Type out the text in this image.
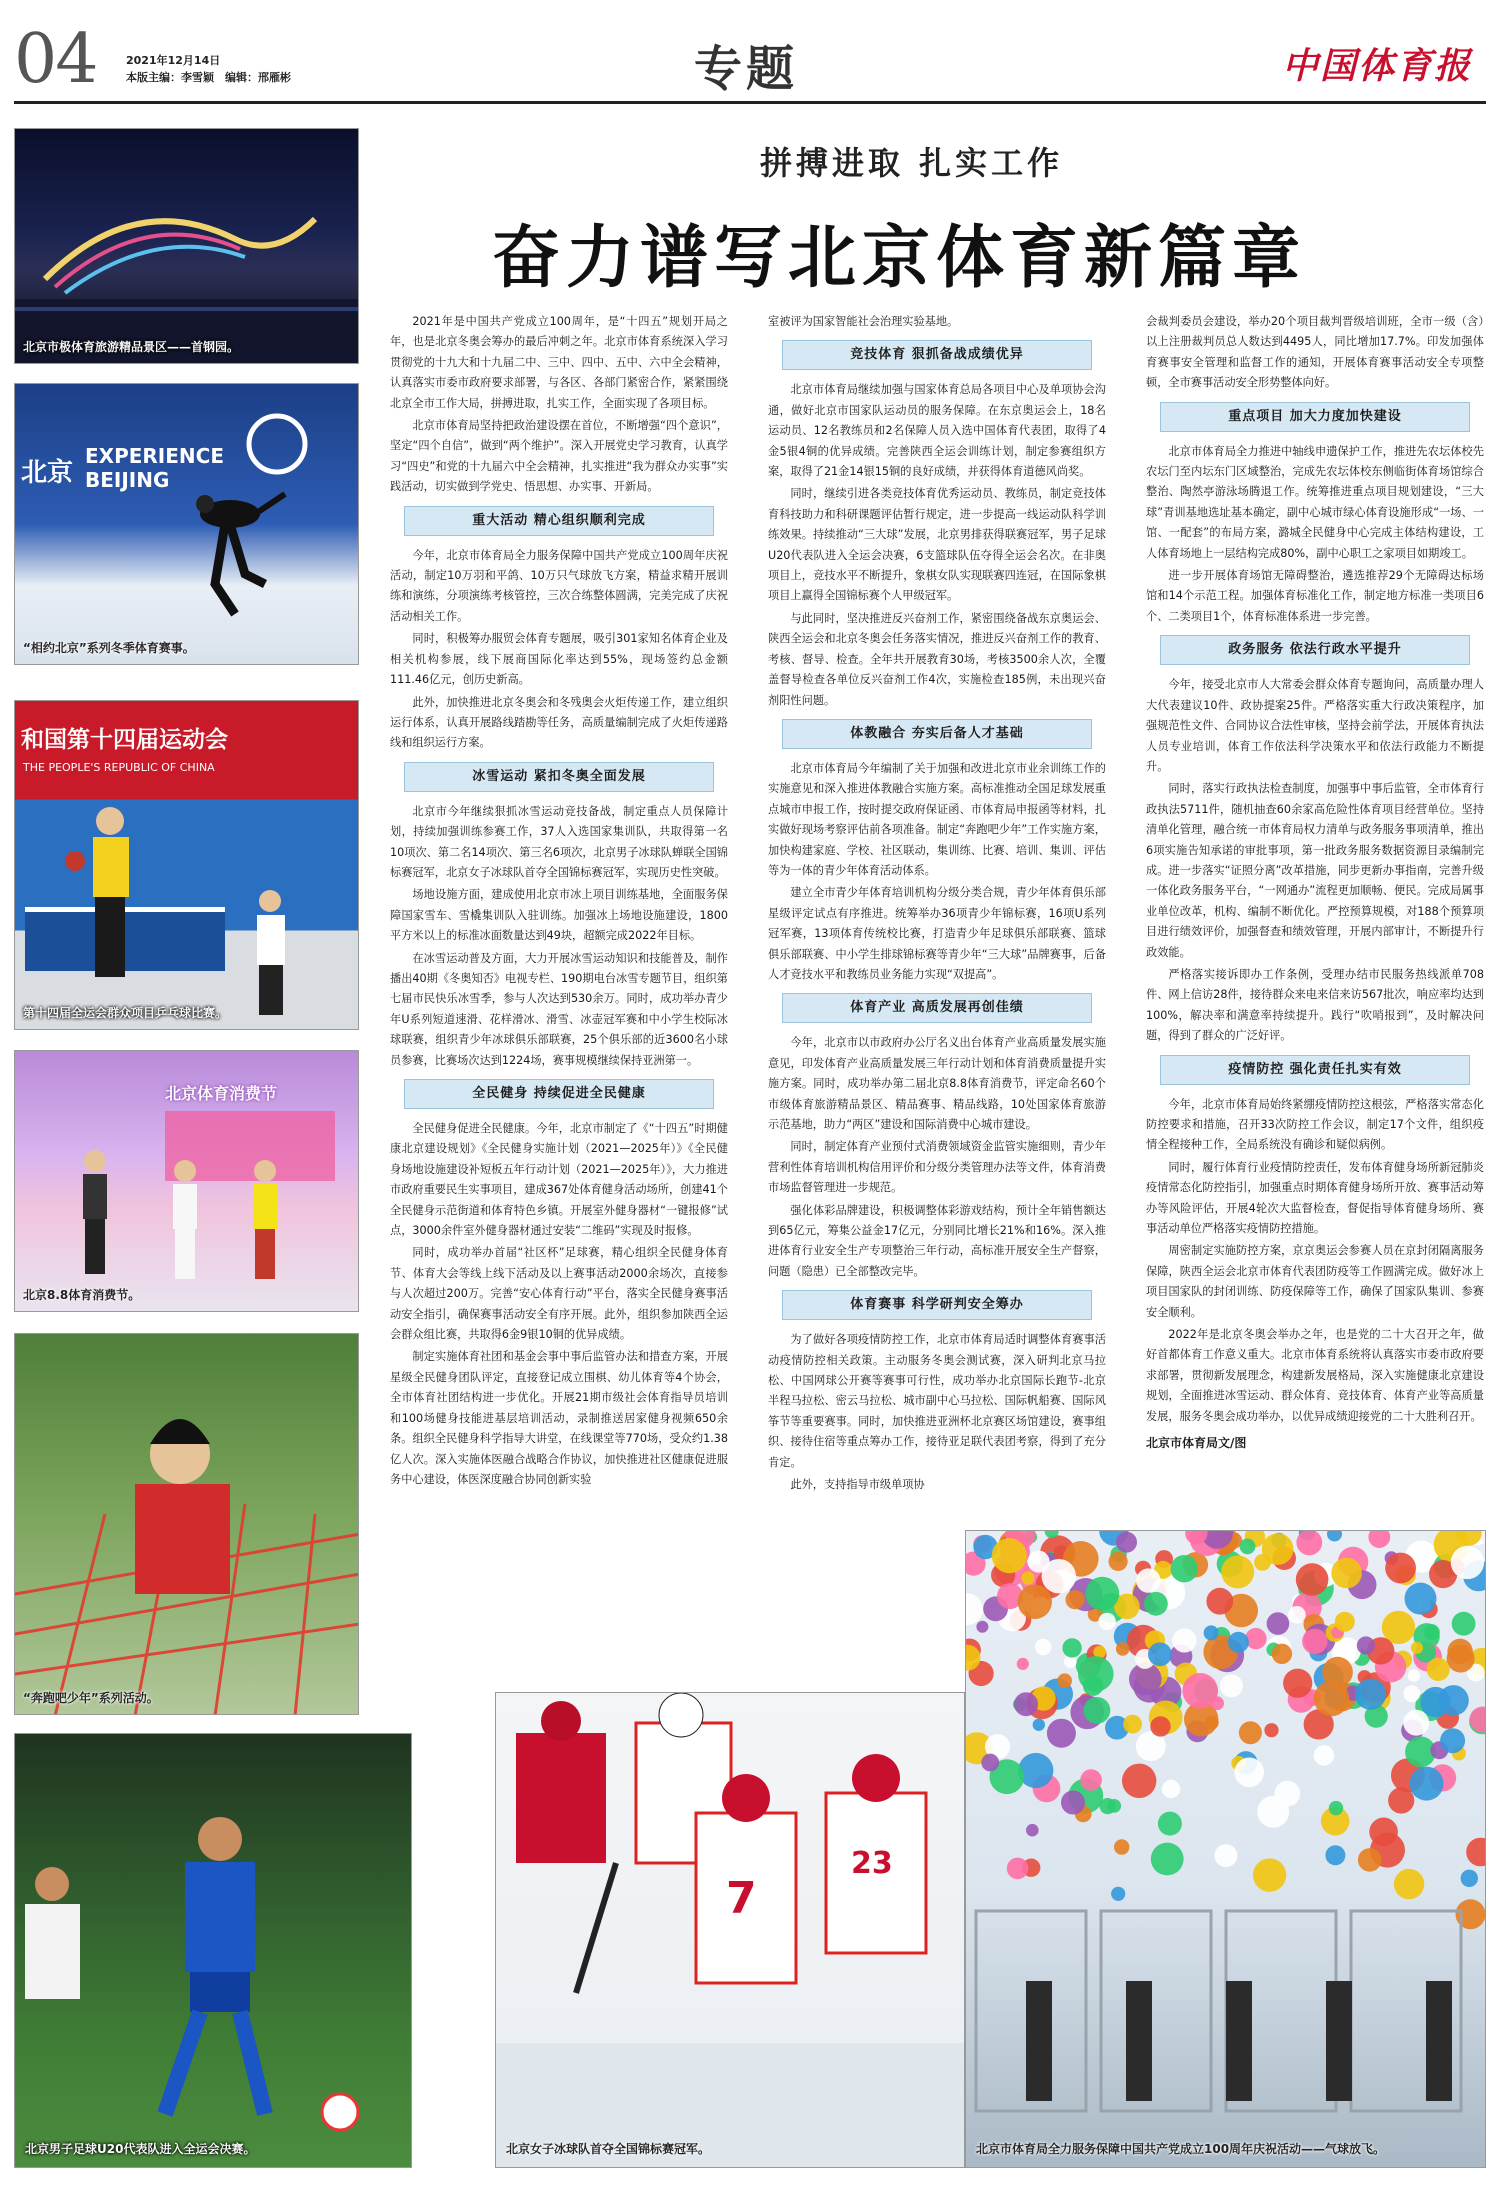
04	2021年12月14日
本版主编：李雪颖　编辑：邢雁彬	专题	中国体育报
拼搏进取 扎实工作
奋力谱写北京体育新篇章
北京市极体育旅游精品景区——首钢园。
北京
EXPERIENCE BEIJING
“相约北京”系列冬季体育赛事。
和国第十四届运动会
THE PEOPLE'S REPUBLIC OF CHINA
第十四届全运会群众项目乒乓球比赛。
北京体育消费节
北京8.8体育消费节。
“奔跑吧少年”系列活动。

2021年是中国共产党成立100周年，是“十四五”规划开局之年，也是北京冬奥会筹办的最后冲刺之年。北京市体育系统深入学习贯彻党的十九大和十九届二中、三中、四中、五中、六中全会精神，认真落实市委市政府要求部署，与各区、各部门紧密合作，紧紧围绕北京全市工作大局，拼搏进取，扎实工作，全面实现了各项目标。

北京市体育局坚持把政治建设摆在首位，不断增强“四个意识”，坚定“四个自信”，做到“两个维护”。深入开展党史学习教育，认真学习“四史”和党的十九届六中全会精神，扎实推进“我为群众办实事”实践活动，切实做到学党史、悟思想、办实事、开新局。

重大活动 精心组织顺利完成

今年，北京市体育局全力服务保障中国共产党成立100周年庆祝活动，制定10万羽和平鸽、10万只气球放飞方案，精益求精开展训练和演练，分项演练考核管控，三次合练整体圆满，完美完成了庆祝活动相关工作。

同时，积极筹办服贸会体育专题展，吸引301家知名体育企业及相关机构参展，线下展商国际化率达到55%，现场签约总金额111.46亿元，创历史新高。

此外，加快推进北京冬奥会和冬残奥会火炬传递工作，建立组织运行体系，认真开展路线踏勘等任务，高质量编制完成了火炬传递路线和组织运行方案。

冰雪运动 紧扣冬奥全面发展

北京市今年继续狠抓冰雪运动竞技备战，制定重点人员保障计划，持续加强训练参赛工作，37人入选国家集训队，共取得第一名10项次、第二名14项次、第三名6项次，北京男子冰球队蝉联全国锦标赛冠军，北京女子冰球队首夺全国锦标赛冠军，实现历史性突破。

场地设施方面，建成使用北京市冰上项目训练基地，全面服务保障国家雪车、雪橇集训队入驻训练。加强冰上场地设施建设，1800平方米以上的标准冰面数量达到49块，超额完成2022年目标。

在冰雪运动普及方面，大力开展冰雪运动知识和技能普及，制作播出40期《冬奥知否》电视专栏、190期电台冰雪专题节目，组织第七届市民快乐冰雪季，参与人次达到530余万。同时，成功举办青少年U系列短道速滑、花样滑冰、滑雪、冰壶冠军赛和中小学生校际冰球联赛，组织青少年冰球俱乐部联赛，25个俱乐部的近3600名小球员参赛，比赛场次达到1224场，赛事规模继续保持亚洲第一。

全民健身 持续促进全民健康

全民健身促进全民健康。今年，北京市制定了《“十四五”时期健康北京建设规划》《全民健身实施计划（2021—2025年）》《全民健身场地设施建设补短板五年行动计划（2021—2025年）》，大力推进市政府重要民生实事项目，建成367处体育健身活动场所，创建41个全民健身示范街道和体育特色乡镇。开展室外健身器材“一键报修”试点，3000余件室外健身器材通过安装“二维码”实现及时报修。

同时，成功举办首届“社区杯”足球赛，精心组织全民健身体育节、体育大会等线上线下活动及以上赛事活动2000余场次，直接参与人次超过200万。完善“安心体育行动”平台，落实全民健身赛事活动安全指引，确保赛事活动安全有序开展。此外，组织参加陕西全运会群众组比赛，共取得6金9银10铜的优异成绩。

制定实施体育社团和基金会事中事后监管办法和措查方案，开展星级全民健身团队评定，直接登记成立围棋、幼儿体育等4个协会，全市体育社团结构进一步优化。开展21期市级社会体育指导员培训和100场健身技能进基层培训活动，录制推送居家健身视频650余条。组织全民健身科学指导大讲堂，在线课堂等770场，受众约1.38亿人次。深入实施体医融合战略合作协议，加快推进社区健康促进服务中心建设，体医深度融合协同创新实验

室被评为国家智能社会治理实验基地。

竞技体育 狠抓备战成绩优异

北京市体育局继续加强与国家体育总局各项目中心及单项协会沟通，做好北京市国家队运动员的服务保障。在东京奥运会上，18名运动员、12名教练员和2名保障人员入选中国体育代表团，取得了4金5银4铜的优异成绩。完善陕西全运会训练计划，制定参赛组织方案，取得了21金14银15铜的良好成绩，并获得体育道德风尚奖。

同时，继续引进各类竞技体育优秀运动员、教练员，制定竞技体育科技助力和科研课题评估暂行规定，进一步提高一线运动队科学训练效果。持续推动“三大球”发展，北京男排获得联赛冠军，男子足球U20代表队进入全运会决赛，6支篮球队伍夺得全运会名次。在非奥项目上，竞技水平不断提升，象棋女队实现联赛四连冠，在国际象棋项目上赢得全国锦标赛个人甲级冠军。

与此同时，坚决推进反兴奋剂工作，紧密围绕备战东京奥运会、陕西全运会和北京冬奥会任务落实情况，推进反兴奋剂工作的教育、考核、督导、检查。全年共开展教育30场，考核3500余人次，全覆盖督导检查各单位反兴奋剂工作4次，实施检查185例，未出现兴奋剂阳性问题。

体教融合 夯实后备人才基础

北京市体育局今年编制了关于加强和改进北京市业余训练工作的实施意见和深入推进体教融合实施方案。高标准推动全国足球发展重点城市申报工作，按时提交政府保证函、市体育局申报函等材料，扎实做好现场考察评估前各项准备。制定“奔跑吧少年”工作实施方案，加快构建家庭、学校、社区联动，集训练、比赛、培训、集训、评估等为一体的青少年体育活动体系。

建立全市青少年体育培训机构分级分类合规，青少年体育俱乐部星级评定试点有序推进。统筹举办36项青少年锦标赛，16项U系列冠军赛，13项体育传统校比赛，打造青少年足球俱乐部联赛、篮球俱乐部联赛、中小学生排球锦标赛等青少年“三大球”品牌赛事，后备人才竞技水平和教练员业务能力实现“双提高”。

体育产业 高质发展再创佳绩

今年，北京市以市政府办公厅名义出台体育产业高质量发展实施意见，印发体育产业高质量发展三年行动计划和体育消费质量提升实施方案。同时，成功举办第二届北京8.8体育消费节，评定命名60个市级体育旅游精品景区、精品赛事、精品线路，10处国家体育旅游示范基地，助力“两区”建设和国际消费中心城市建设。

同时，制定体育产业预付式消费领域资金监管实施细则，青少年营利性体育培训机构信用评价和分级分类管理办法等文件，体育消费市场监督管理进一步规范。

强化体彩品牌建设，积极调整体彩游戏结构，预计全年销售额达到65亿元，筹集公益金17亿元，分别同比增长21%和16%。深入推进体育行业安全生产专项整治三年行动，高标准开展安全生产督察，问题（隐患）已全部整改完毕。

体育赛事 科学研判安全筹办

为了做好各项疫情防控工作，北京市体育局适时调整体育赛事活动疫情防控相关政策。主动服务冬奥会测试赛，深入研判北京马拉松、中国网球公开赛等赛事可行性，成功举办北京国际长跑节-北京半程马拉松、密云马拉松、城市副中心马拉松、国际帆船赛、国际风筝节等重要赛事。同时，加快推进亚洲杯北京赛区场馆建设，赛事组织、接待住宿等重点筹办工作，接待亚足联代表团考察，得到了充分肯定。

此外，支持指导市级单项协

会裁判委员会建设，举办20个项目裁判晋级培训班，全市一级（含）以上注册裁判员总人数达到4495人，同比增加17.7%。印发加强体育赛事安全管理和监督工作的通知，开展体育赛事活动安全专项整顿，全市赛事活动安全形势整体向好。

重点项目 加大力度加快建设

北京市体育局全力推进中轴线申遗保护工作，推进先农坛体校先农坛门至内坛东门区域整治，完成先农坛体校东侧临街体育场馆综合整治、陶然亭游泳场腾退工作。统筹推进重点项目规划建设，“三大球”青训基地选址基本确定，副中心城市绿心体育设施形成“一场、一馆、一配套”的布局方案，潞城全民健身中心完成主体结构建设，工人体育场地上一层结构完成80%，副中心职工之家项目如期竣工。

进一步开展体育场馆无障碍整治，遴选推荐29个无障碍达标场馆和14个示范工程。加强体育标准化工作，制定地方标准一类项目6个、二类项目1个，体育标准体系进一步完善。

政务服务 依法行政水平提升

今年，接受北京市人大常委会群众体育专题询问，高质量办理人大代表建议10件、政协提案25件。严格落实重大行政决策程序，加强规范性文件、合同协议合法性审核，坚持会前学法，开展体育执法人员专业培训，体育工作依法科学决策水平和依法行政能力不断提升。

同时，落实行政执法检查制度，加强事中事后监管，全市体育行政执法5711件，随机抽查60余家高危险性体育项目经营单位。坚持清单化管理，融合统一市体育局权力清单与政务服务事项清单，推出6项实施告知承诺的审批事项，第一批政务服务数据资源目录编制完成。进一步落实“证照分离”改革措施，同步更新办事指南，完善升级一体化政务服务平台，“一网通办”流程更加顺畅、便民。完成局属事业单位改革，机构、编制不断优化。严控预算规模，对188个预算项目进行绩效评价，加强督查和绩效管理，开展内部审计，不断提升行政效能。

严格落实接诉即办工作条例，受理办结市民服务热线派单708件、网上信访28件，接待群众来电来信来访567批次，响应率均达到100%，解决率和满意率持续提升。践行“吹哨报到”，及时解决问题，得到了群众的广泛好评。

疫情防控 强化责任扎实有效

今年，北京市体育局始终紧绷疫情防控这根弦，严格落实常态化防控要求和措施，召开33次防控工作会议，制定17个文件，组织疫情全程接种工作，全局系统没有确诊和疑似病例。

同时，履行体育行业疫情防控责任，发布体育健身场所新冠肺炎疫情常态化防控指引，加强重点时期体育健身场所开放、赛事活动筹办等风险评估，开展4轮次大监督检查，督促指导体育健身场所、赛事活动单位严格落实疫情防控措施。

周密制定实施防控方案，京京奥运会参赛人员在京封闭隔离服务保障，陕西全运会北京市体育代表团防疫等工作圆满完成。做好冰上项目国家队的封闭训练、防疫保障等工作，确保了国家队集训、参赛安全顺利。

2022年是北京冬奥会举办之年，也是党的二十大召开之年，做好首都体育工作意义重大。北京市体育系统将认真落实市委市政府要求部署，贯彻新发展理念，构建新发展格局，深入实施健康北京建设规划，全面推进冰雪运动、群众体育、竞技体育、体育产业等高质量发展，服务冬奥会成功举办，以优异成绩迎接党的二十大胜利召开。

北京市体育局文/图

北京男子足球U20代表队进入全运会决赛。
7
23
北京女子冰球队首夺全国锦标赛冠军。	北京市体育局全力服务保障中国共产党成立100周年庆祝活动——气球放飞。
